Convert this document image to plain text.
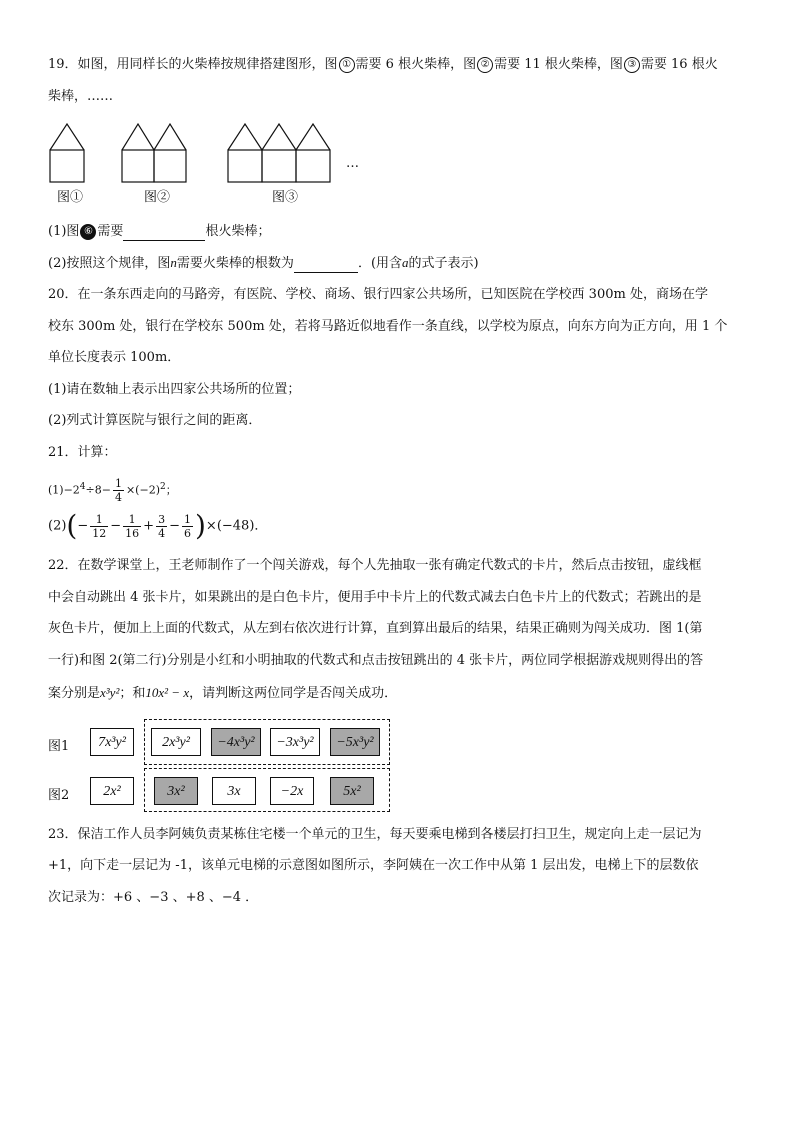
19．如图，用同样长的火柴棒按规律搭建图形，图 ① 需要 6 根火柴棒，图 ② 需要 11 根火柴棒，图 ③ 需要 16 根火
柴棒，……
…
图①	图②	图③
(1)图 ⑥ 需要	根火柴棒；
(2)按照这个规律，图n需要火柴棒的根数为	．(用含a的式子表示)
20．在一条东西走向的马路旁，有医院、学校、商场、银行四家公共场所，已知医院在学校西 300m 处，商场在学
校东 300m 处，银行在学校东 500m 处，若将马路近似地看作一条直线，以学校为原点，向东方向为正方向，用 1 个
单位长度表示 100m．
(1)请在数轴上表示出四家公共场所的位置；
(2)列式计算医院与银行之间的距离．
21．计算：
$(1)-2^4\div 8- \frac{1}{4} \times(-2)^2$；
$(2)(- \frac{1}{12} - \frac{1}{16} + \frac{3}{4} - \frac{1}{6} )\times(-48)$．
22．在数学课堂上，王老师制作了一个闯关游戏，每个人先抽取一张有确定代数式的卡片，然后点击按钮，虚线框
中会自动跳出 4 张卡片，如果跳出的是白色卡片，便用手中卡片上的代数式减去白色卡片上的代数式；若跳出的是
灰色卡片，便加上上面的代数式，从左到右依次进行计算，直到算出最后的结果，结果正确则为闯关成功．图 1(第
一行)和图 2(第二行)分别是小红和小明抽取的代数式和点击按钮跳出的 4 张卡片，两位同学根据游戏规则得出的答
案分别是x³y²；和10x² − x，请判断这两位同学是否闯关成功．
图1	7x³y²	2x³y²	−4x³y²	−3x³y²	−5x³y²
图2	2x²	3x²	3x	−2x	5x²
23．保洁工作人员李阿姨负责某栋住宅楼一个单元的卫生，每天要乘电梯到各楼层打扫卫生，规定向上走一层记为
+1，向下走一层记为 -1，该单元电梯的示意图如图所示，李阿姨在一次工作中从第 1 层出发，电梯上下的层数依
次记录为：+6 、−3 、+8 、−4 ．
